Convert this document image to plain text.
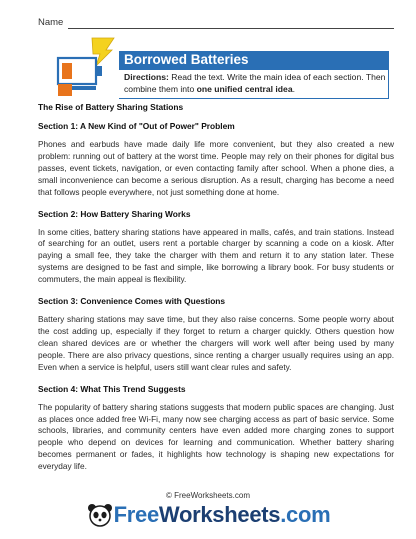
Name
Borrowed Batteries
Directions: Read the text. Write the main idea of each section. Then combine them into one unified central idea.

The Rise of Battery Sharing Stations

Section 1: A New Kind of "Out of Power" Problem

Phones and earbuds have made daily life more convenient, but they also created a new problem: running out of battery at the worst time. People may rely on their phones for digital bus passes, event tickets, navigation, or even contacting family after school. When a phone dies, a small inconvenience can become a serious disruption. As a result, charging has become a need that follows people everywhere, not just something done at home.

Section 2: How Battery Sharing Works

In some cities, battery sharing stations have appeared in malls, cafés, and train stations. Instead of searching for an outlet, users rent a portable charger by scanning a code on a kiosk. After paying a small fee, they take the charger with them and return it to any station later. These systems are designed to be fast and simple, like borrowing a library book. For busy students or commuters, the main appeal is flexibility.

Section 3: Convenience Comes with Questions

Battery sharing stations may save time, but they also raise concerns. Some people worry about the cost adding up, especially if they forget to return a charger quickly. Others question how clean shared devices are or whether the chargers will work well after being used by many people. There are also privacy questions, since renting a charger usually requires using an app. Even when a service is helpful, users still want clear rules and safety.

Section 4: What This Trend Suggests

The popularity of battery sharing stations suggests that modern public spaces are changing. Just as places once added free Wi-Fi, many now see charging access as part of basic service. Some schools, libraries, and community centers have even added more charging zones to support people who depend on devices for learning and communication. Whether battery sharing becomes permanent or fades, it highlights how technology is shaping new expectations for everyday life.

© FreeWorksheets.com
FreeWorksheets.com
